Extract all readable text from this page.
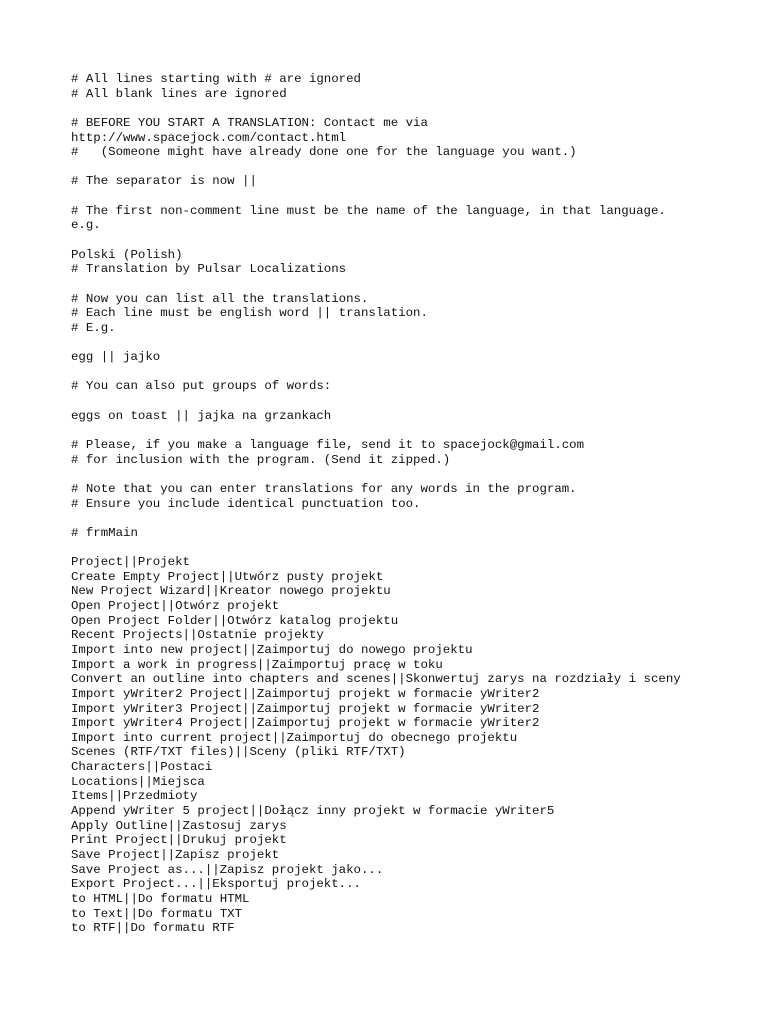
# All lines starting with # are ignored
# All blank lines are ignored
# BEFORE YOU START A TRANSLATION: Contact me via
http://www.spacejock.com/contact.html
#   (Someone might have already done one for the language you want.)
# The separator is now ||
# The first non-comment line must be the name of the language, in that language.
e.g.
Polski (Polish)
# Translation by Pulsar Localizations
# Now you can list all the translations.
# Each line must be english word || translation.
# E.g.
egg || jajko
# You can also put groups of words:
eggs on toast || jajka na grzankach
# Please, if you make a language file, send it to spacejock@gmail.com
# for inclusion with the program. (Send it zipped.)
# Note that you can enter translations for any words in the program.
# Ensure you include identical punctuation too.
# frmMain
Project||Projekt
Create Empty Project||Utwórz pusty projekt
New Project Wizard||Kreator nowego projektu
Open Project||Otwórz projekt
Open Project Folder||Otwórz katalog projektu
Recent Projects||Ostatnie projekty
Import into new project||Zaimportuj do nowego projektu
Import a work in progress||Zaimportuj pracę w toku
Convert an outline into chapters and scenes||Skonwertuj zarys na rozdziały i sceny
Import yWriter2 Project||Zaimportuj projekt w formacie yWriter2
Import yWriter3 Project||Zaimportuj projekt w formacie yWriter2
Import yWriter4 Project||Zaimportuj projekt w formacie yWriter2
Import into current project||Zaimportuj do obecnego projektu
Scenes (RTF/TXT files)||Sceny (pliki RTF/TXT)
Characters||Postaci
Locations||Miejsca
Items||Przedmioty
Append yWriter 5 project||Dołącz inny projekt w formacie yWriter5
Apply Outline||Zastosuj zarys
Print Project||Drukuj projekt
Save Project||Zapisz projekt
Save Project as...||Zapisz projekt jako...
Export Project...||Eksportuj projekt...
to HTML||Do formatu HTML
to Text||Do formatu TXT
to RTF||Do formatu RTF
